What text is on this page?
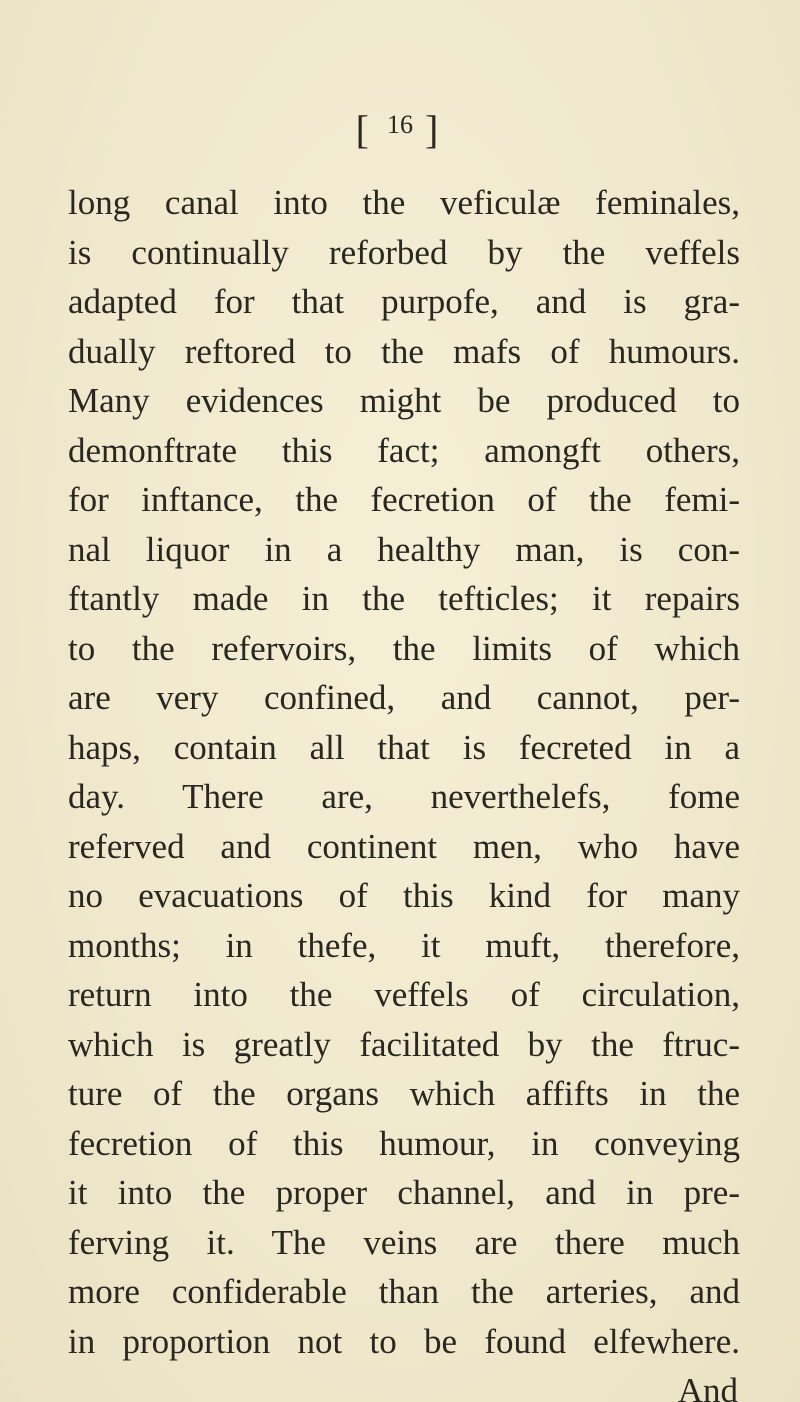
[ $^{16}$ ]
long canal into the veficulæ feminales,
is continually reforbed by the veffels
adapted for that purpofe, and is gra-
dually reftored to the mafs of humours.
Many evidences might be produced to
demonftrate this fact; amongft others,
for inftance, the fecretion of the femi-
nal liquor in a healthy man, is con-
ftantly made in the tefticles; it repairs
to the refervoirs, the limits of which
are very confined, and cannot, per-
haps, contain all that is fecreted in a
day. There are, neverthelefs, fome
referved and continent men, who have
no evacuations of this kind for many
months; in thefe, it muft, therefore,
return into the veffels of circulation,
which is greatly facilitated by the ftruc-
ture of the organs which affifts in the
fecretion of this humour, in conveying
it into the proper channel, and in pre-
ferving it. The veins are there much
more confiderable than the arteries, and
in proportion not to be found elfewhere.
And
